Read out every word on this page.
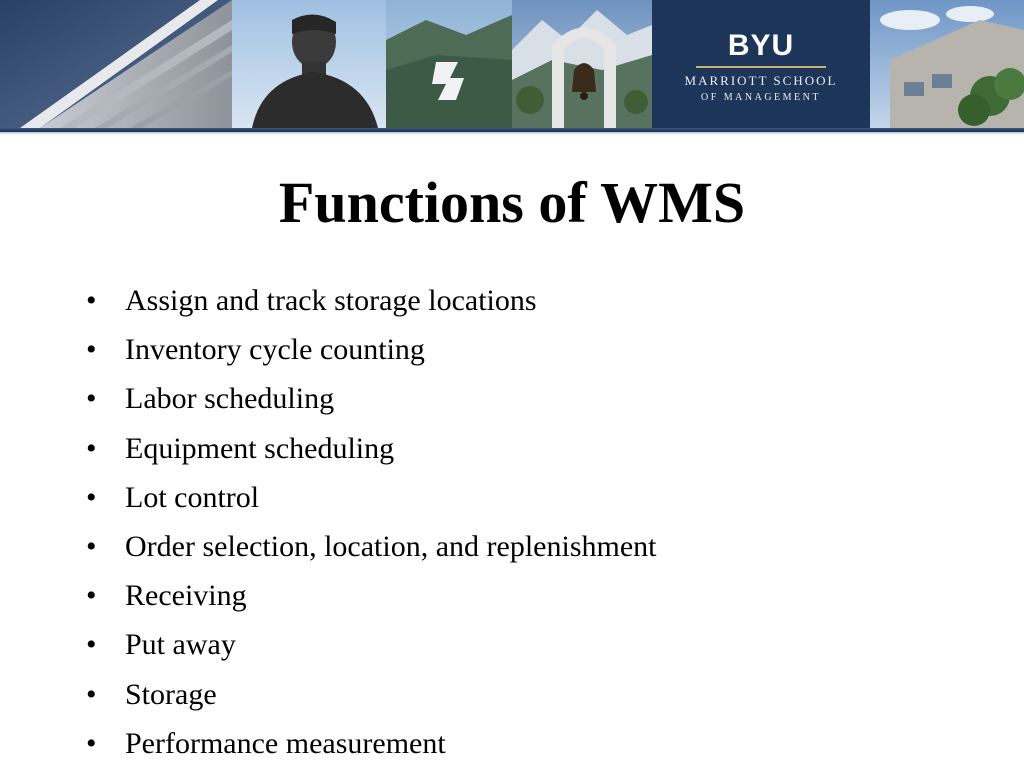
BYU
MARRIOTT SCHOOL
OF MANAGEMENT
Functions of WMS
• Assign and track storage locations
• Inventory cycle counting
• Labor scheduling
• Equipment scheduling
• Lot control
• Order selection, location, and replenishment
• Receiving
• Put away
• Storage
• Performance measurement
